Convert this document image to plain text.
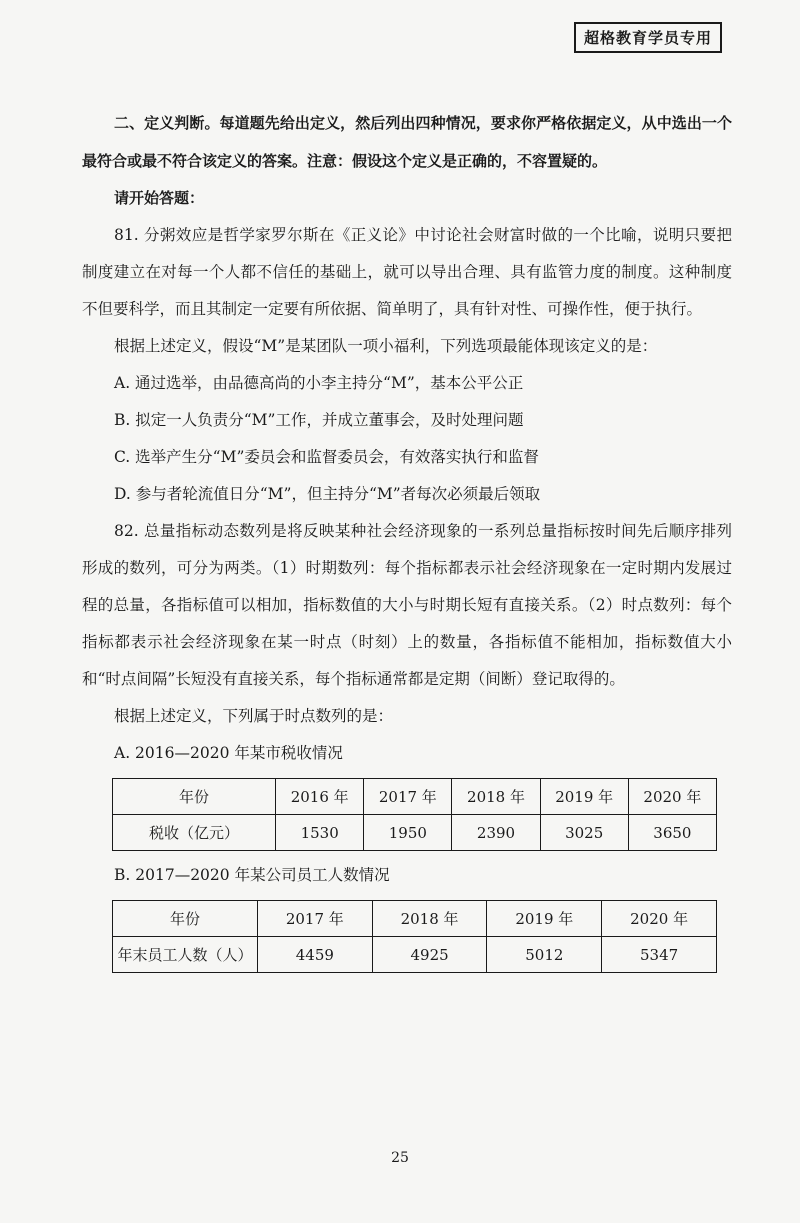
超格教育学员专用

二、定义判断。每道题先给出定义，然后列出四种情况，要求你严格依据定义，从中选出一个最符合或最不符合该定义的答案。注意：假设这个定义是正确的，不容置疑的。

请开始答题：

81. 分粥效应是哲学家罗尔斯在《正义论》中讨论社会财富时做的一个比喻，说明只要把制度建立在对每一个人都不信任的基础上，就可以导出合理、具有监管力度的制度。这种制度不但要科学，而且其制定一定要有所依据、简单明了，具有针对性、可操作性，便于执行。

根据上述定义，假设“M”是某团队一项小福利，下列选项最能体现该定义的是：

A. 通过选举，由品德高尚的小李主持分“M”，基本公平公正

B. 拟定一人负责分“M”工作，并成立董事会，及时处理问题

C. 选举产生分“M”委员会和监督委员会，有效落实执行和监督

D. 参与者轮流值日分“M”，但主持分“M”者每次必须最后领取

82. 总量指标动态数列是将反映某种社会经济现象的一系列总量指标按时间先后顺序排列形成的数列，可分为两类。（1）时期数列：每个指标都表示社会经济现象在一定时期内发展过程的总量，各指标值可以相加，指标数值的大小与时期长短有直接关系。（2）时点数列：每个指标都表示社会经济现象在某一时点（时刻）上的数量，各指标值不能相加，指标数值大小和“时点间隔”长短没有直接关系，每个指标通常都是定期（间断）登记取得的。

根据上述定义，下列属于时点数列的是：

A. 2016—2020 年某市税收情况

年份	2016 年	2017 年	2018 年	2019 年	2020 年
税收（亿元）	1530	1950	2390	3025	3650

B. 2017—2020 年某公司员工人数情况

年份	2017 年	2018 年	2019 年	2020 年
年末员工人数（人）	4459	4925	5012	5347
25
